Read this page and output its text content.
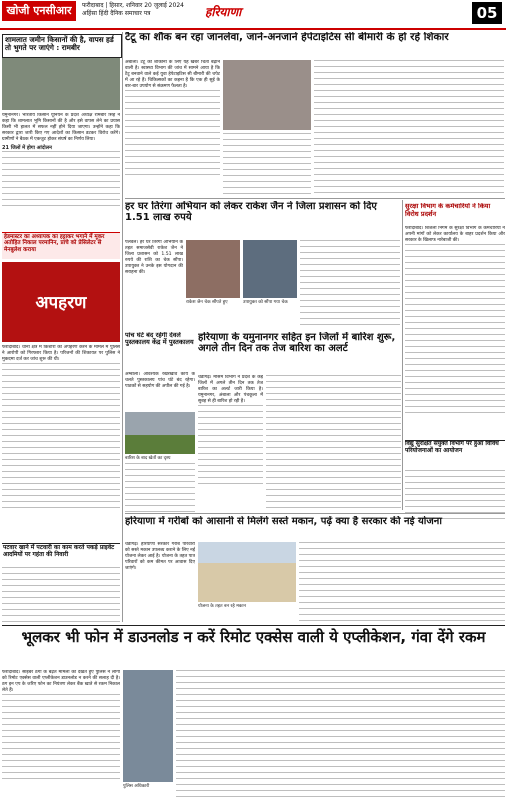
खोजी एनसीआर	फरीदाबाद | हिसार, शनिवार 20 जुलाई 2024
अहिंसा हिंदी दैनिक समाचार पत्र	हरियाणा	05
शामलात जमीन किसानों की है, वापस हर्ड तो भुगते पर जाएंगे : रामबीर
यमुनानगर। भारतीय किसान यूनियन के प्रदेश अध्यक्ष रामबीर सिंह ने कहा कि शामलात भूमि किसानों की है और इसे वापस लेने का प्रयास किसी भी हालत में सफल नहीं होने दिया जाएगा। उन्होंने कहा कि सरकार द्वारा जारी किए गए आदेशों का किसान डटकर विरोध करेंगे। ग्रामीणों ने बैठक में एकजुट होकर संघर्ष का निर्णय लिया।
21 जिलों में होगा आंदोलन
हेडमास्टर का अध्यापक का हट्टाकर भगाने में मूकर अतोहित निकाल परमानिन, प्राचे को प्रेसिलेटर से मेनबुलेश कराया
अपहरण
फरीदाबाद। थाना क्षेत्र में किशोरी का अपहरण करने के मामले में पुलिस ने आरोपी को गिरफ्तार किया है। परिजनों की शिकायत पर पुलिस ने मुकदमा दर्ज कर जांच शुरू की थी।
पटवार खाने में पटवारी का काम करते पकड़े प्राइवेट आदमियों पर गहंता की निवारी
टैटू का शौक बन रहा जानलेवा, जाने-अनजाने हेपेटाइटिस सी बीमारी के हो रहे शिकार
अंबाला। टैटू की शौकीनों के लिए यह खबर चिंता बढ़ाने वाली है। स्वास्थ्य विभाग की जांच में सामने आया है कि टैटू बनवाने वाले कई युवा हेपेटाइटिस सी बीमारी की चपेट में आ रहे हैं। चिकित्सकों का कहना है कि एक ही सुई के बार-बार उपयोग से संक्रमण फैलता है।
हर घर तिरंगा अभियान को लेकर राकेश जैन ने जिला प्रशासन को दिए 1.51 लाख रुपये
पलवल। हर घर तिरंगा अभियान के तहत समाजसेवी राकेश जैन ने जिला प्रशासन को 1.51 लाख रुपये की राशि का चेक सौंपा। उपायुक्त ने उनके इस योगदान की सराहना की।
राकेश जैन चेक सौंपते हुए	उपायुक्त को सौंपा गया चेक
सुरक्षा विभाग के कर्मचारियों ने किया विरोध प्रदर्शन
फरीदाबाद। बिजली निगम के सुरक्षा विभाग के कर्मचारियों ने अपनी मांगों को लेकर कार्यालय के बाहर प्रदर्शन किया और सरकार के खिलाफ नारेबाजी की।
विद्यु सुरक्षित संयुक्त विभाग पर हुआ विविध परियोजनाओं का आयोजन
पांच घंटे बंद रहेगी देवले पुस्तकालय केंद्र में पुस्तकालय
अम्बाला। आवश्यक रखरखाव कार्य के चलते पुस्तकालय पांच घंटे बंद रहेगा। पाठकों से सहयोग की अपील की गई है।
बारिश के बाद खेतों का दृश्य
हरियाणा के यमुनानगर सहित इन जिलों में बारिश शुरू, अगले तीन दिन तक तेज बारिश का अलर्ट
चंडीगढ़। मौसम विभाग ने प्रदेश के कई जिलों में अगले तीन दिन तक तेज बारिश का अलर्ट जारी किया है। यमुनानगर, अंबाला और पंचकूला में सुबह से ही बारिश हो रही है।
हरियाणा में गरीबों को आसानी से मिलेंगे सस्ते मकान, पढ़ें क्या है सरकार की नई योजना
चंडीगढ़। हरियाणा सरकार गरीब परिवारों को सस्ते मकान उपलब्ध कराने के लिए नई योजना लेकर आई है। योजना के तहत पात्र परिवारों को कम कीमत पर आवास दिए जाएंगे।
योजना के तहत बन रहे मकान
भूलकर भी फोन में डाउनलोड न करें रिमोट एक्सेस वाली ये एप्लीकेशन, गंवा देंगे रकम
फरीदाबाद। साइबर ठगी के बढ़ते मामलों को देखते हुए पुलिस ने लोगों को रिमोट एक्सेस वाली एप्लीकेशन डाउनलोड न करने की सलाह दी है। ठग इन एप के जरिए फोन का नियंत्रण लेकर बैंक खाते से रकम निकाल लेते हैं।
पुलिस अधिकारी
